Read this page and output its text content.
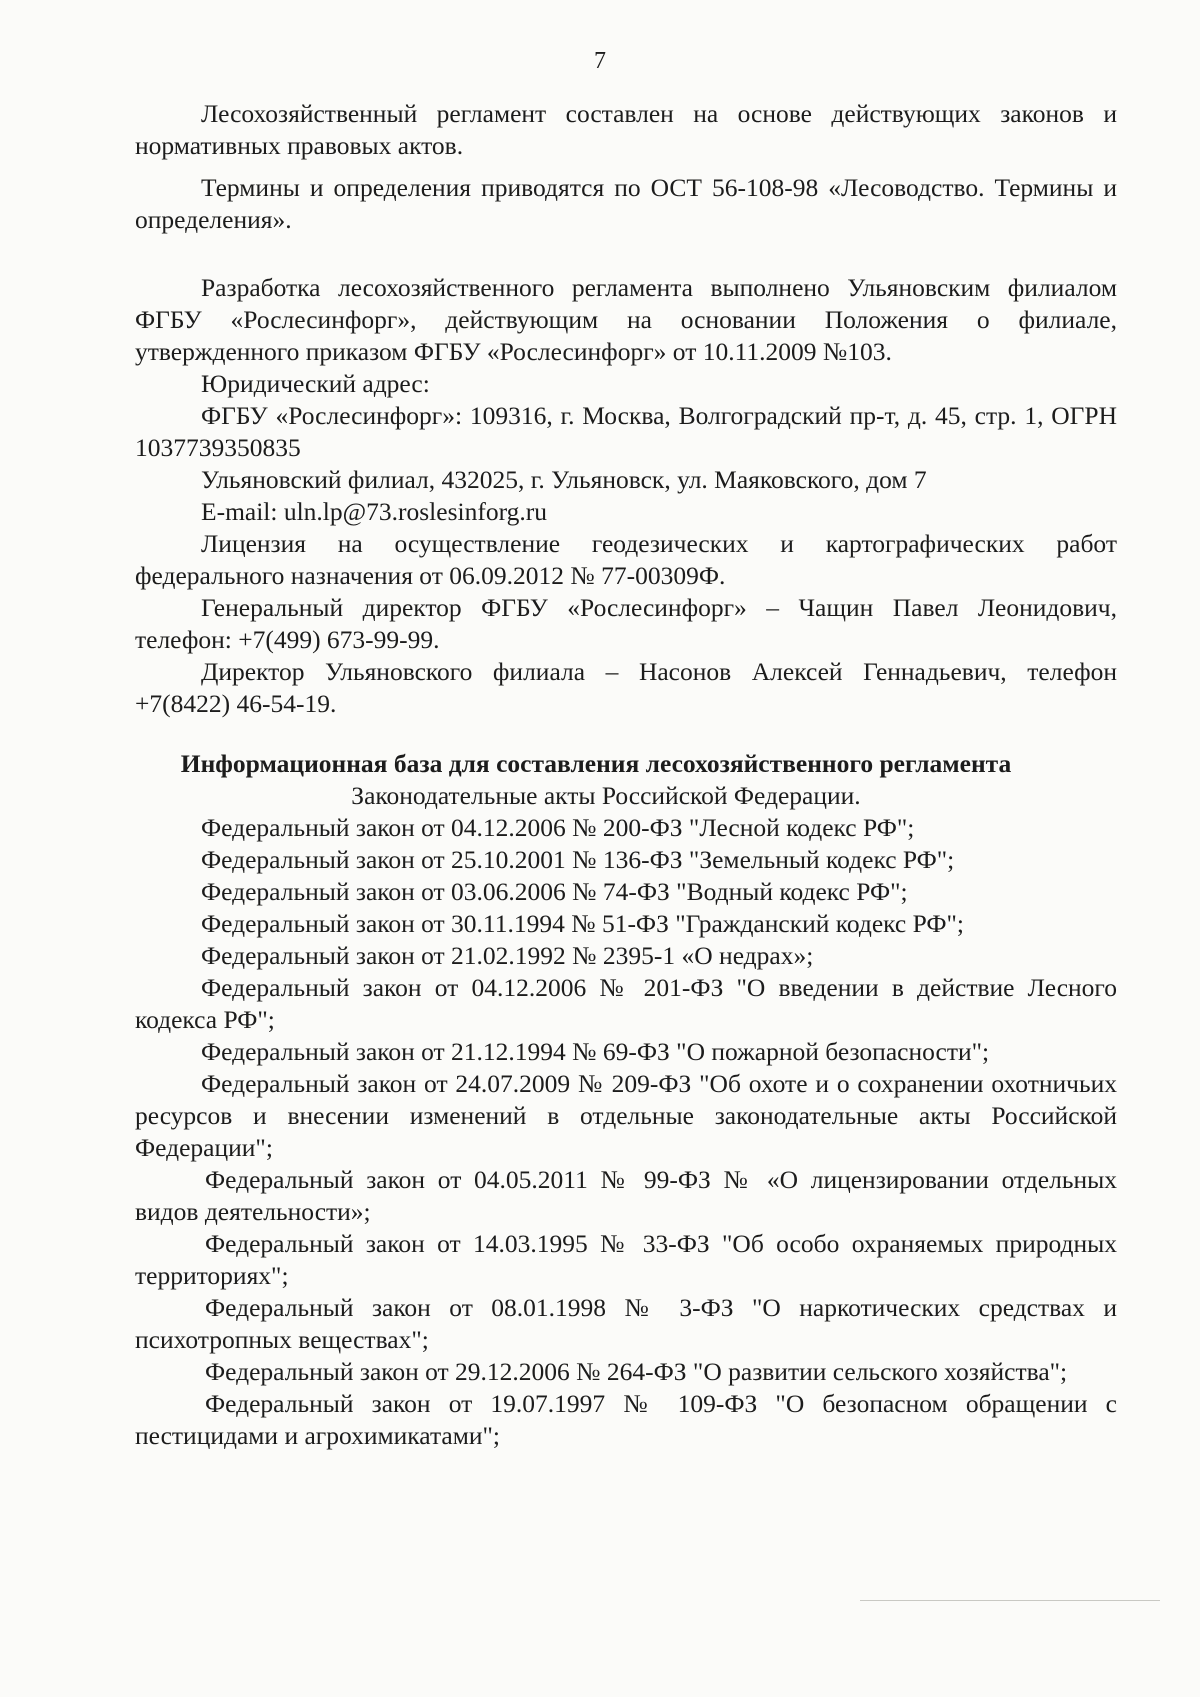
7

Лесохозяйственный регламент составлен на основе действующих законов и нормативных правовых актов.

Термины и определения приводятся по ОСТ 56-108-98 «Лесоводство. Термины и определения».

Разработка лесохозяйственного регламента выполнено Ульяновским филиалом ФГБУ «Рослесинфорг», действующим на основании Положения о филиале, утвержденного приказом ФГБУ «Рослесинфорг» от 10.11.2009 №103.

Юридический адрес:

ФГБУ «Рослесинфорг»: 109316, г. Москва, Волгоградский пр-т, д. 45, стр. 1, ОГРН 1037739350835

Ульяновский филиал, 432025, г. Ульяновск, ул. Маяковского, дом 7

E-mail: uln.lp@73.roslesinforg.ru

Лицензия на осуществление геодезических и картографических работ федерального назначения от 06.09.2012 № 77-00309Ф.

Генеральный директор ФГБУ «Рослесинфорг» – Чащин Павел Леонидович, телефон: +7(499) 673-99-99.

Директор Ульяновского филиала – Насонов Алексей Геннадьевич, телефон +7(8422) 46-54-19.

Информационная база для составления лесохозяйственного регламента

Законодательные акты Российской Федерации.

Федеральный закон от 04.12.2006 № 200-ФЗ "Лесной кодекс РФ";

Федеральный закон от 25.10.2001 № 136-ФЗ "Земельный кодекс РФ";

Федеральный закон от 03.06.2006 № 74-ФЗ "Водный кодекс РФ";

Федеральный закон от 30.11.1994 № 51-ФЗ "Гражданский кодекс РФ";

Федеральный закон от 21.02.1992 № 2395-1 «О недрах»;

Федеральный закон от 04.12.2006 № 201-ФЗ "О введении в действие Лесного кодекса РФ";

Федеральный закон от 21.12.1994 № 69-ФЗ "О пожарной безопасности";

Федеральный закон от 24.07.2009 № 209-ФЗ "Об охоте и о сохранении охотничьих ресурсов и внесении изменений в отдельные законодательные акты Российской Федерации";

Федеральный закон от 04.05.2011 № 99-ФЗ № «О лицензировании отдельных видов деятельности»;

Федеральный закон от 14.03.1995 № 33-ФЗ "Об особо охраняемых природных территориях";

Федеральный закон от 08.01.1998 № 3-ФЗ "О наркотических средствах и психотропных веществах";

Федеральный закон от 29.12.2006 № 264-ФЗ "О развитии сельского хозяйства";

Федеральный закон от 19.07.1997 № 109-ФЗ "О безопасном обращении с пестицидами и агрохимикатами";
